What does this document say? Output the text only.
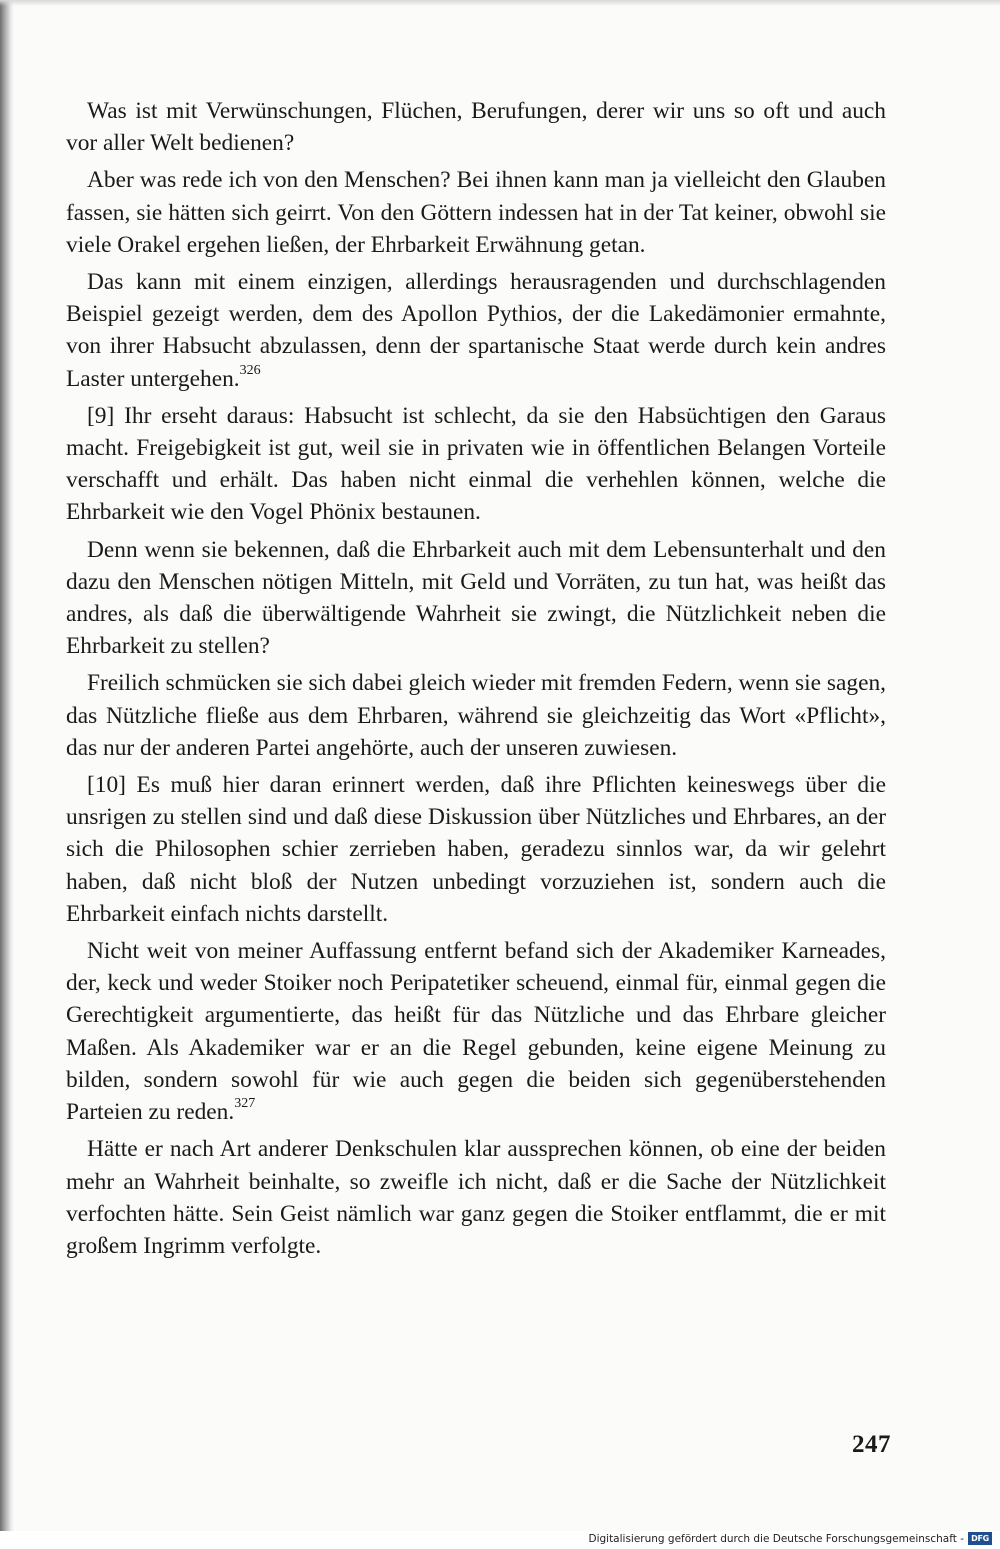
Was ist mit Verwünschungen, Flüchen, Berufungen, derer wir uns so oft und auch vor aller Welt bedienen?

Aber was rede ich von den Menschen? Bei ihnen kann man ja vielleicht den Glauben fassen, sie hätten sich geirrt. Von den Göttern indessen hat in der Tat keiner, obwohl sie viele Orakel ergehen ließen, der Ehrbarkeit Erwähnung getan.

Das kann mit einem einzigen, allerdings herausragenden und durchschlagenden Beispiel gezeigt werden, dem des Apollon Pythios, der die Lakedämonier ermahnte, von ihrer Habsucht abzulassen, denn der spartanische Staat werde durch kein andres Laster untergehen.$^{326}$

[9] Ihr erseht daraus: Habsucht ist schlecht, da sie den Habsüchtigen den Garaus macht. Freigebigkeit ist gut, weil sie in privaten wie in öffentlichen Belangen Vorteile verschafft und erhält. Das haben nicht einmal die verhehlen können, welche die Ehrbarkeit wie den Vogel Phönix bestaunen.

Denn wenn sie bekennen, daß die Ehrbarkeit auch mit dem Lebensunterhalt und den dazu den Menschen nötigen Mitteln, mit Geld und Vorräten, zu tun hat, was heißt das andres, als daß die überwältigende Wahrheit sie zwingt, die Nützlichkeit neben die Ehrbarkeit zu stellen?

Freilich schmücken sie sich dabei gleich wieder mit fremden Federn, wenn sie sagen, das Nützliche fließe aus dem Ehrbaren, während sie gleichzeitig das Wort «Pflicht», das nur der anderen Partei angehörte, auch der unseren zuwiesen.

[10] Es muß hier daran erinnert werden, daß ihre Pflichten keineswegs über die unsrigen zu stellen sind und daß diese Diskussion über Nützliches und Ehrbares, an der sich die Philosophen schier zerrieben haben, geradezu sinnlos war, da wir gelehrt haben, daß nicht bloß der Nutzen unbedingt vorzuziehen ist, sondern auch die Ehrbarkeit einfach nichts darstellt.

Nicht weit von meiner Auffassung entfernt befand sich der Akademiker Karneades, der, keck und weder Stoiker noch Peripatetiker scheuend, einmal für, einmal gegen die Gerechtigkeit argumentierte, das heißt für das Nützliche und das Ehrbare gleicher Maßen. Als Akademiker war er an die Regel gebunden, keine eigene Meinung zu bilden, sondern sowohl für wie auch gegen die beiden sich gegenüberstehenden Parteien zu reden.$^{327}$

Hätte er nach Art anderer Denkschulen klar aussprechen können, ob eine der beiden mehr an Wahrheit beinhalte, so zweifle ich nicht, daß er die Sache der Nützlichkeit verfochten hätte. Sein Geist nämlich war ganz gegen die Stoiker entflammt, die er mit großem Ingrimm verfolgte.

247
Digitalisierung gefördert durch die Deutsche Forschungsgemeinschaft - DFG
